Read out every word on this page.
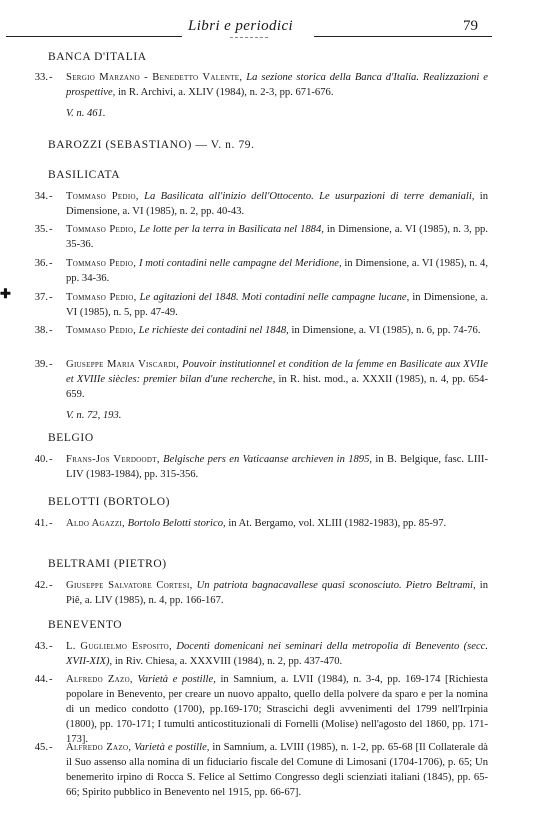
Libri e periodici	79
BANCA D'ITALIA
33. - Sergio Marzano - Benedetto Valente, La sezione storica della Banca d'Italia. Realizzazioni e prospettive, in R. Archivi, a. XLIV (1984), n. 2-3, pp. 671-676.
V. n. 461.
BAROZZI (SEBASTIANO) — V. n. 79.
BASILICATA
34. - Tommaso Pedio, La Basilicata all'inizio dell'Ottocento. Le usurpazioni di terre demaniali, in Dimensione, a. VI (1985), n. 2, pp. 40-43.
35. - Tommaso Pedio, Le lotte per la terra in Basilicata nel 1884, in Dimensione, a. VI (1985), n. 3, pp. 35-36.
36. - Tommaso Pedio, I moti contadini nelle campagne del Meridione, in Dimensione, a. VI (1985), n. 4, pp. 34-36.
✚	37. - Tommaso Pedio, Le agitazioni del 1848. Moti contadini nelle campagne lucane, in Dimensione, a. VI (1985), n. 5, pp. 47-49.
38. - Tommaso Pedio, Le richieste dei contadini nel 1848, in Dimensione, a. VI (1985), n. 6, pp. 74-76.
39. - Giuseppe Maria Viscardi, Pouvoir institutionnel et condition de la femme en Basilicate aux XVIIe et XVIIIe siècles: premier bilan d'une recherche, in R. hist. mod., a. XXXII (1985), n. 4, pp. 654-659.
V. n. 72, 193.
BELGIO
40. - Frans-Jos Verdoodt, Belgische pers en Vaticaanse archieven in 1895, in B. Belgique, fasc. LIII-LIV (1983-1984), pp. 315-356.
BELOTTI (BORTOLO)
41. - Aldo Agazzi, Bortolo Belotti storico, in At. Bergamo, vol. XLIII (1982-1983), pp. 85-97.
BELTRAMI (PIETRO)
42. - Giuseppe Salvatore Cortesi, Un patriota bagnacavallese quasi sconosciuto. Pietro Beltrami, in Piê, a. LIV (1985), n. 4, pp. 166-167.
BENEVENTO
43. - L. Guglielmo Esposito, Docenti domenicani nei seminari della metropolia di Benevento (secc. XVII-XIX), in Riv. Chiesa, a. XXXVIII (1984), n. 2, pp. 437-470.
44. - Alfredo Zazo, Varietà e postille, in Samnium, a. LVII (1984), n. 3-4, pp. 169-174 [Richiesta popolare in Benevento, per creare un nuovo appalto, quello della polvere da sparo e per la nomina di un medico condotto (1700), pp.169-170; Strascichi degli avvenimenti del 1799 nell'Irpinia (1800), pp. 170-171; I tumulti anticostituzionali di Fornelli (Molise) nell'agosto del 1860, pp. 171-173].
45. - Alfredo Zazo, Varietà e postille, in Samnium, a. LVIII (1985), n. 1-2, pp. 65-68 [Il Collaterale dà il Suo assenso alla nomina di un fiduciario fiscale del Comune di Limosani (1704-1706), p. 65; Un benemerito irpino di Rocca S. Felice al Settimo Congresso degli scienziati italiani (1845), pp. 65-66; Spirito pubblico in Benevento nel 1915, pp. 66-67].
